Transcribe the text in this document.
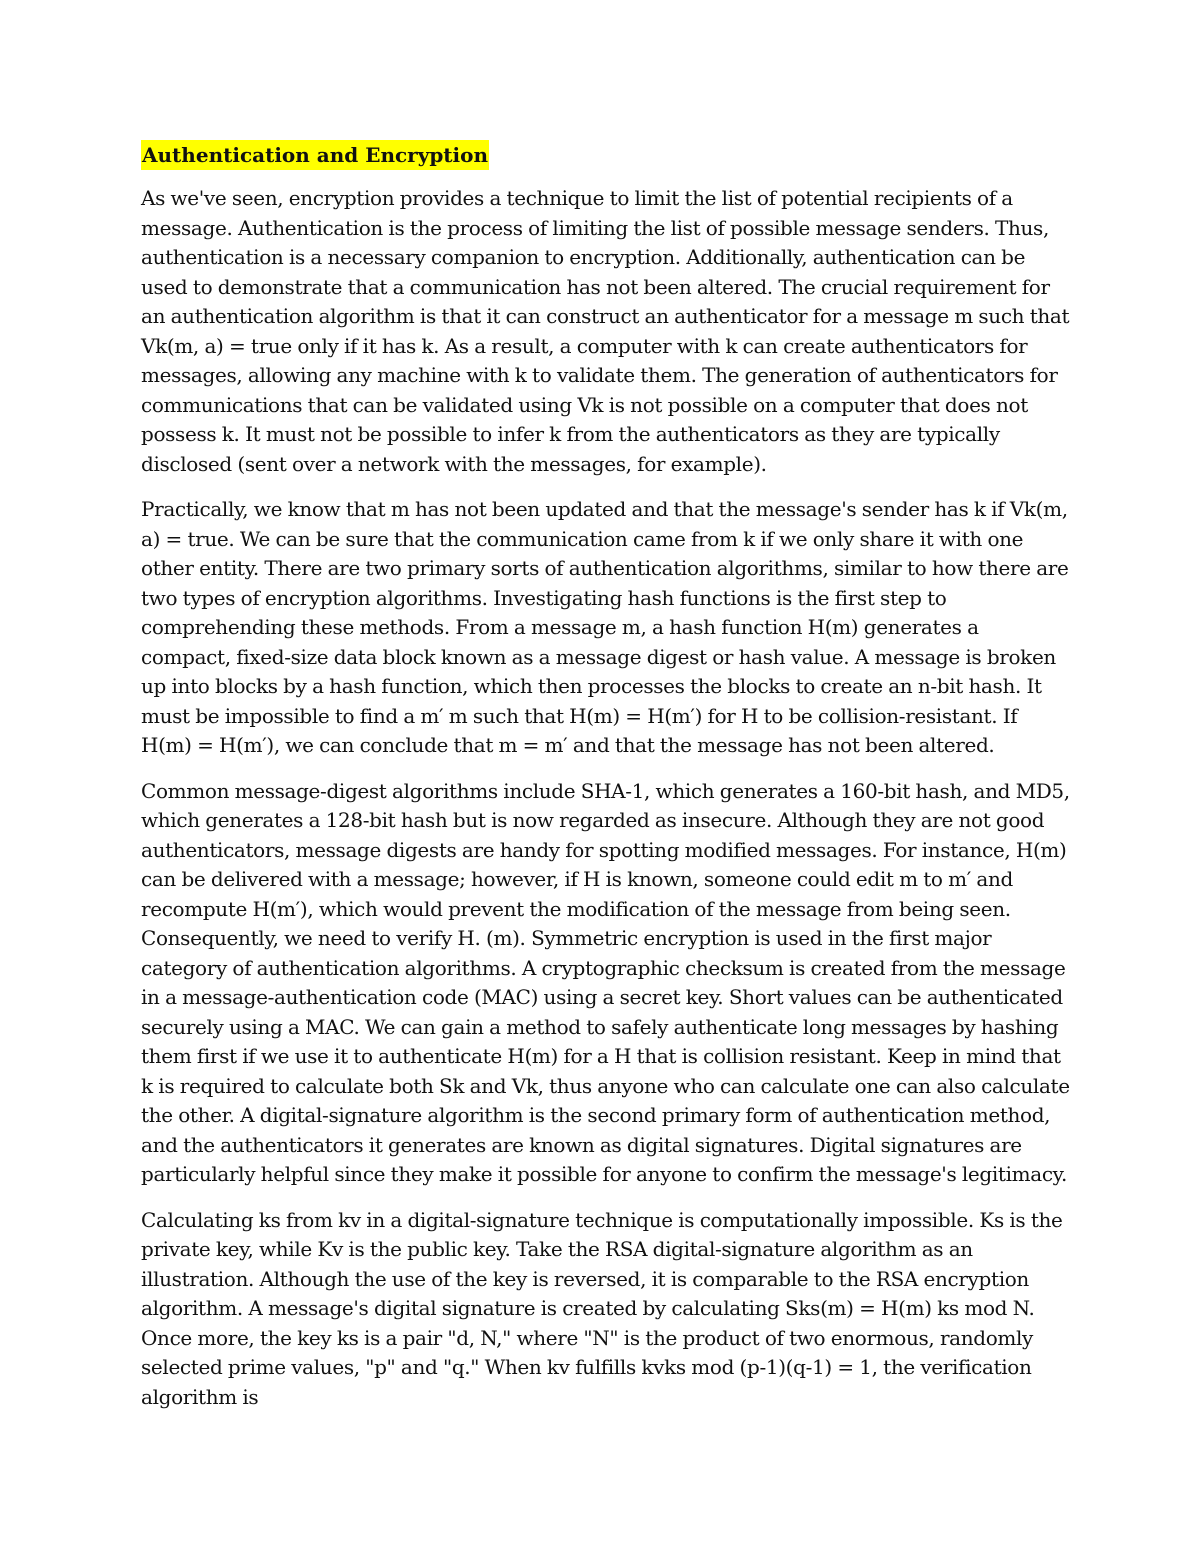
Authentication and Encryption

As we've seen, encryption provides a technique to limit the list of potential recipients of a message. Authentication is the process of limiting the list of possible message senders. Thus, authentication is a necessary companion to encryption. Additionally, authentication can be used to demonstrate that a communication has not been altered. The crucial requirement for an authentication algorithm is that it can construct an authenticator for a message m such that Vk(m, a) = true only if it has k. As a result, a computer with k can create authenticators for messages, allowing any machine with k to validate them. The generation of authenticators for communications that can be validated using Vk is not possible on a computer that does not possess k. It must not be possible to infer k from the authenticators as they are typically disclosed (sent over a network with the messages, for example).

Practically, we know that m has not been updated and that the message's sender has k if Vk(m, a) = true. We can be sure that the communication came from k if we only share it with one other entity. There are two primary sorts of authentication algorithms, similar to how there are two types of encryption algorithms. Investigating hash functions is the first step to comprehending these methods. From a message m, a hash function H(m) generates a compact, fixed-size data block known as a message digest or hash value. A message is broken up into blocks by a hash function, which then processes the blocks to create an n-bit hash. It must be impossible to find a m′ m such that H(m) = H(m′) for H to be collision-resistant. If H(m) = H(m′), we can conclude that m = m′ and that the message has not been altered.

Common message-digest algorithms include SHA-1, which generates a 160-bit hash, and MD5, which generates a 128-bit hash but is now regarded as insecure. Although they are not good authenticators, message digests are handy for spotting modified messages. For instance, H(m) can be delivered with a message; however, if H is known, someone could edit m to m′ and recompute H(m′), which would prevent the modification of the message from being seen. Consequently, we need to verify H. (m). Symmetric encryption is used in the first major category of authentication algorithms. A cryptographic checksum is created from the message in a message-authentication code (MAC) using a secret key. Short values can be authenticated securely using a MAC. We can gain a method to safely authenticate long messages by hashing them first if we use it to authenticate H(m) for a H that is collision resistant. Keep in mind that k is required to calculate both Sk and Vk, thus anyone who can calculate one can also calculate the other. A digital-signature algorithm is the second primary form of authentication method, and the authenticators it generates are known as digital signatures. Digital signatures are particularly helpful since they make it possible for anyone to confirm the message's legitimacy.

Calculating ks from kv in a digital-signature technique is computationally impossible. Ks is the private key, while Kv is the public key. Take the RSA digital-signature algorithm as an illustration. Although the use of the key is reversed, it is comparable to the RSA encryption algorithm. A message's digital signature is created by calculating Sks(m) = H(m) ks mod N. Once more, the key ks is a pair "d, N," where "N" is the product of two enormous, randomly selected prime values, "p" and "q." When kv fulfills kvks mod (p-1)(q-1) = 1, the verification algorithm is
